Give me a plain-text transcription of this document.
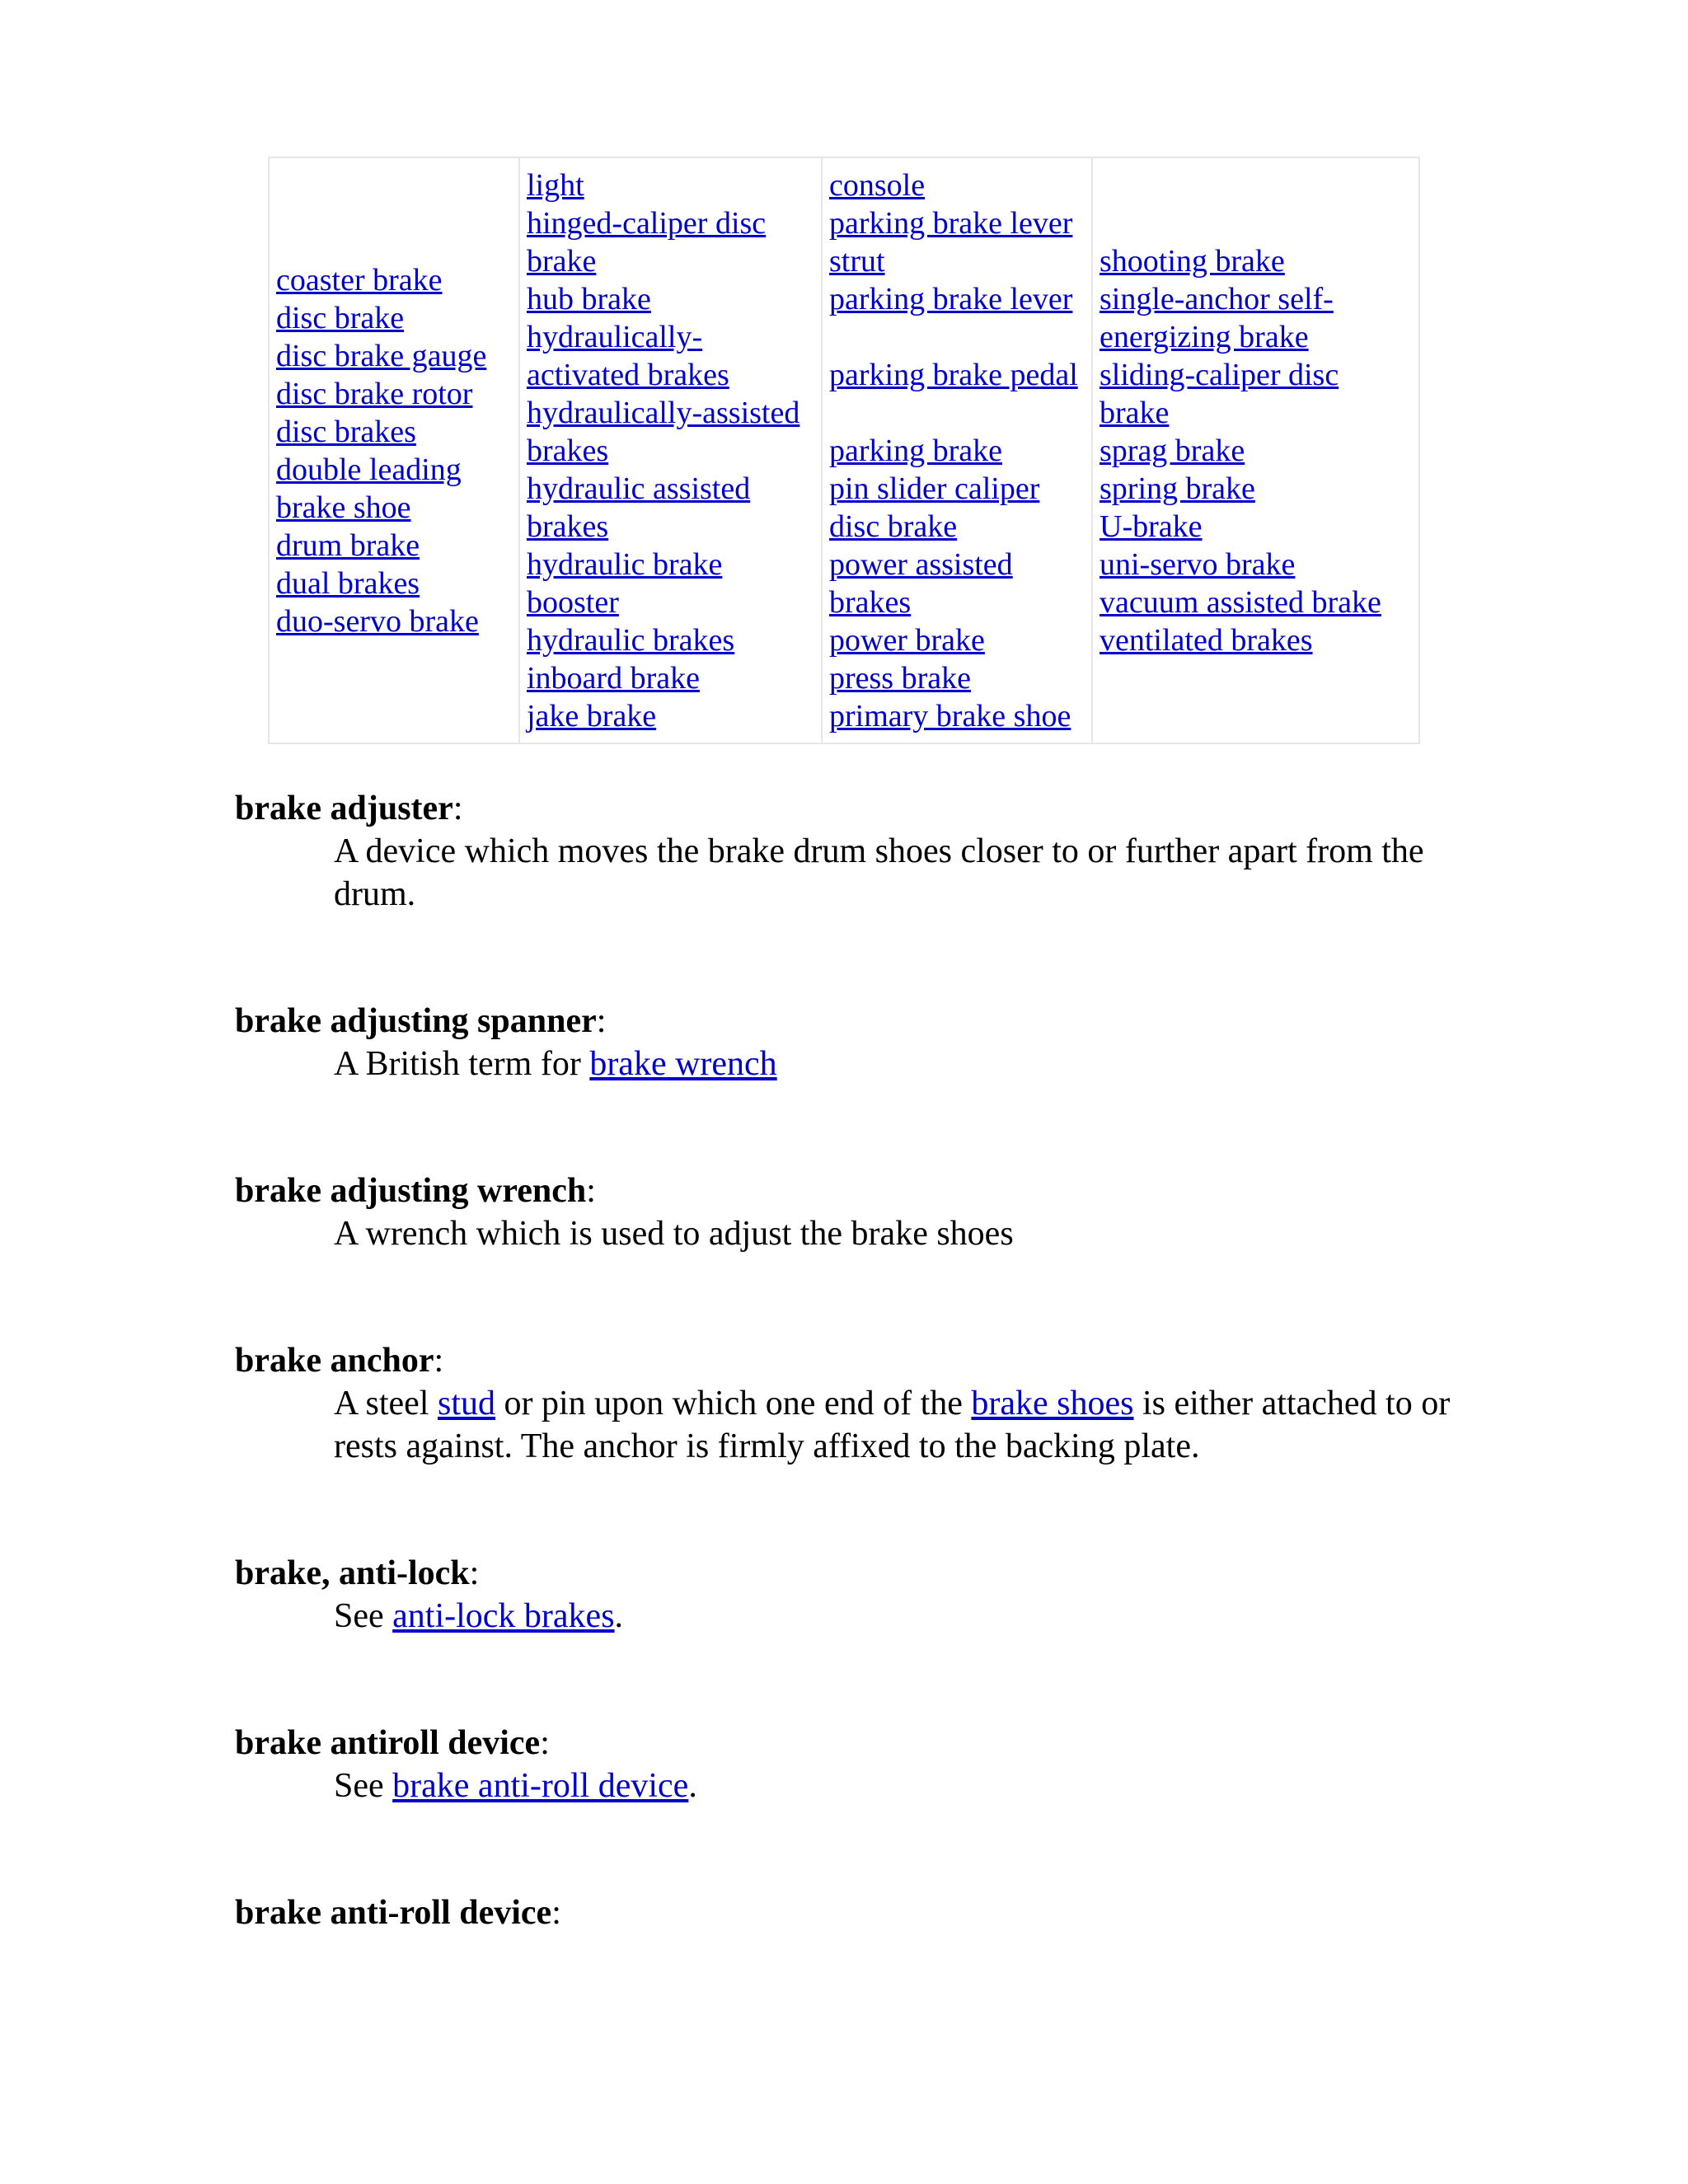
coaster brake
disc brake
disc brake gauge
disc brake rotor
disc brakes
double leading
brake shoe
drum brake
dual brakes
duo-servo brake
light
hinged-caliper disc
brake
hub brake
hydraulically-
activated brakes
hydraulically-assisted
brakes
hydraulic assisted
brakes
hydraulic brake
booster
hydraulic brakes
inboard brake
jake brake
console
parking brake lever
strut
parking brake lever
parking brake pedal
parking brake
pin slider caliper
disc brake
power assisted
brakes
power brake
press brake
primary brake shoe
shooting brake
single-anchor self-
energizing brake
sliding-caliper disc
brake
sprag brake
spring brake
U-brake
uni-servo brake
vacuum assisted brake
ventilated brakes
brake adjuster:
A device which moves the brake drum shoes closer to or further apart from the drum.
brake adjusting spanner:
A British term for brake wrench
brake adjusting wrench:
A wrench which is used to adjust the brake shoes
brake anchor:
A steel stud or pin upon which one end of the brake shoes is either attached to or rests against. The anchor is firmly affixed to the backing plate.
brake, anti-lock:
See anti-lock brakes.
brake antiroll device:
See brake anti-roll device.
brake anti-roll device:
